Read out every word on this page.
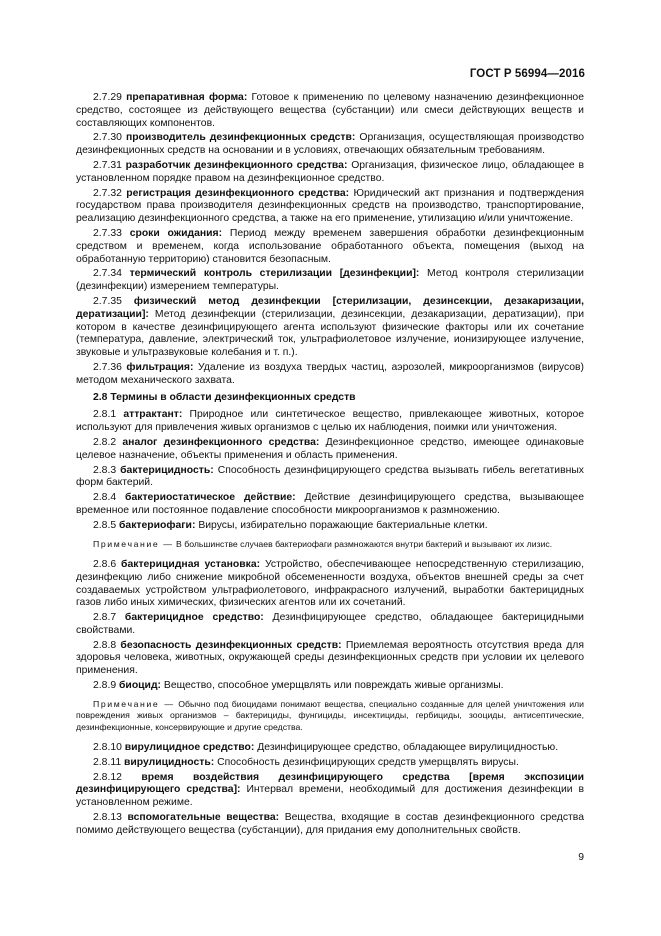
ГОСТ Р 56994—2016

2.7.29 препаративная форма: Готовое к применению по целевому назначению дезинфекционное средство, состоящее из действующего вещества (субстанции) или смеси действующих веществ и составляющих компонентов.

2.7.30 производитель дезинфекционных средств: Организация, осуществляющая производство дезинфекционных средств на основании и в условиях, отвечающих обязательным требованиям.

2.7.31 разработчик дезинфекционного средства: Организация, физическое лицо, обладающее в установленном порядке правом на дезинфекционное средство.

2.7.32 регистрация дезинфекционного средства: Юридический акт признания и подтверждения государством права производителя дезинфекционных средств на производство, транспортирование, реализацию дезинфекционного средства, а также на его применение, утилизацию и/или уничтожение.

2.7.33 сроки ожидания: Период между временем завершения обработки дезинфекционным средством и временем, когда использование обработанного объекта, помещения (выход на обработанную территорию) становится безопасным.

2.7.34 термический контроль стерилизации [дезинфекции]: Метод контроля стерилизации (дезинфекции) измерением температуры.

2.7.35 физический метод дезинфекции [стерилизации, дезинсекции, дезакаризации, дератизации]: Метод дезинфекции (стерилизации, дезинсекции, дезакаризации, дератизации), при котором в качестве дезинфицирующего агента используют физические факторы или их сочетание (температура, давление, электрический ток, ультрафиолетовое излучение, ионизирующее излучение, звуковые и ультразвуковые колебания и т. п.).

2.7.36 фильтрация: Удаление из воздуха твердых частиц, аэрозолей, микроорганизмов (вирусов) методом механического захвата.

2.8 Термины в области дезинфекционных средств

2.8.1 аттрактант: Природное или синтетическое вещество, привлекающее животных, которое используют для привлечения живых организмов с целью их наблюдения, поимки или уничтожения.

2.8.2 аналог дезинфекционного средства: Дезинфекционное средство, имеющее одинаковые целевое назначение, объекты применения и область применения.

2.8.3 бактерицидность: Способность дезинфицирующего средства вызывать гибель вегетативных форм бактерий.

2.8.4 бактериостатическое действие: Действие дезинфицирующего средства, вызывающее временное или постоянное подавление способности микроорганизмов к размножению.

2.8.5 бактериофаги: Вирусы, избирательно поражающие бактериальные клетки.

Примечание — В большинстве случаев бактериофаги размножаются внутри бактерий и вызывают их лизис.

2.8.6 бактерицидная установка: Устройство, обеспечивающее непосредственную стерилизацию, дезинфекцию либо снижение микробной обсемененности воздуха, объектов внешней среды за счет создаваемых устройством ультрафиолетового, инфракрасного излучений, выработки бактерицидных газов либо иных химических, физических агентов или их сочетаний.

2.8.7 бактерицидное средство: Дезинфицирующее средство, обладающее бактерицидными свойствами.

2.8.8 безопасность дезинфекционных средств: Приемлемая вероятность отсутствия вреда для здоровья человека, животных, окружающей среды дезинфекционных средств при условии их целевого применения.

2.8.9 биоцид: Вещество, способное умерщвлять или повреждать живые организмы.

Примечание — Обычно под биоцидами понимают вещества, специально созданные для целей уничтожения или повреждения живых организмов – бактерициды, фунгициды, инсектициды, гербициды, зооциды, антисептические, дезинфекционные, консервирующие и другие средства.

2.8.10 вирулицидное средство: Дезинфицирующее средство, обладающее вирулицидностью.

2.8.11 вирулицидность: Способность дезинфицирующих средств умерщвлять вирусы.

2.8.12 время воздействия дезинфицирующего средства [время экспозиции дезинфицирующего средства]: Интервал времени, необходимый для достижения дезинфекции в установленном режиме.

2.8.13 вспомогательные вещества: Вещества, входящие в состав дезинфекционного средства помимо действующего вещества (субстанции), для придания ему дополнительных свойств.

9
